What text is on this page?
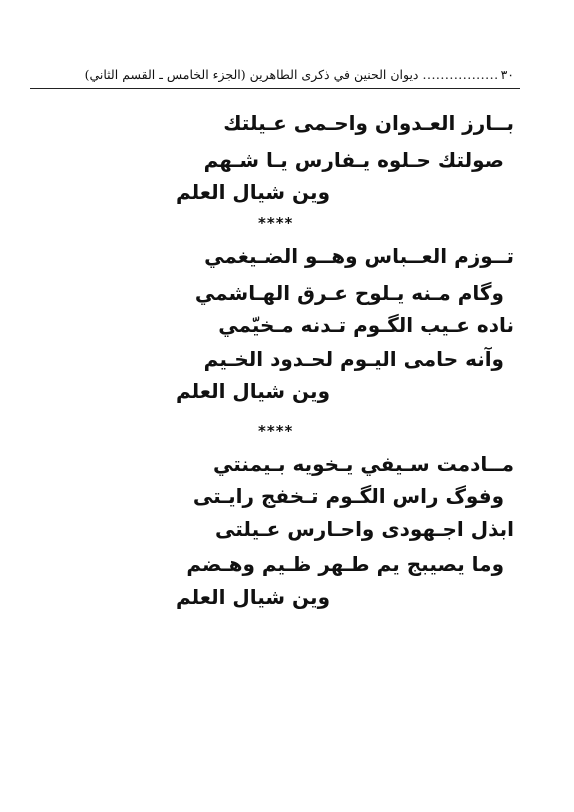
٣٠
.................
ديوان الحنين في ذكرى الطاهرين (الجزء الخامس ـ القسم الثاني)
بــارز العـدوان واحـمى عـيلتك
صولتك حـلوه يـفارس يـا شـهم
وين شيال العلم
****
تــوزم العــباس وهــو الضـيغمي
وگام مـنه يـلوح عـرق الهـاشمي
ناده عـيب الگـوم تـدنه مـخيّمي
وآنه حامى اليـوم لحـدود الخـيم
وين شيال العلم
****
مــادمت سـيفي يـخويه بـيمنتي
وفوگ راس الگـوم تـخفج رايـتى
ابذل اجـهودى واحـارس عـيلتى
وما يصيبج يم طـهر ظـيم وهـضم
وين شيال العلم
